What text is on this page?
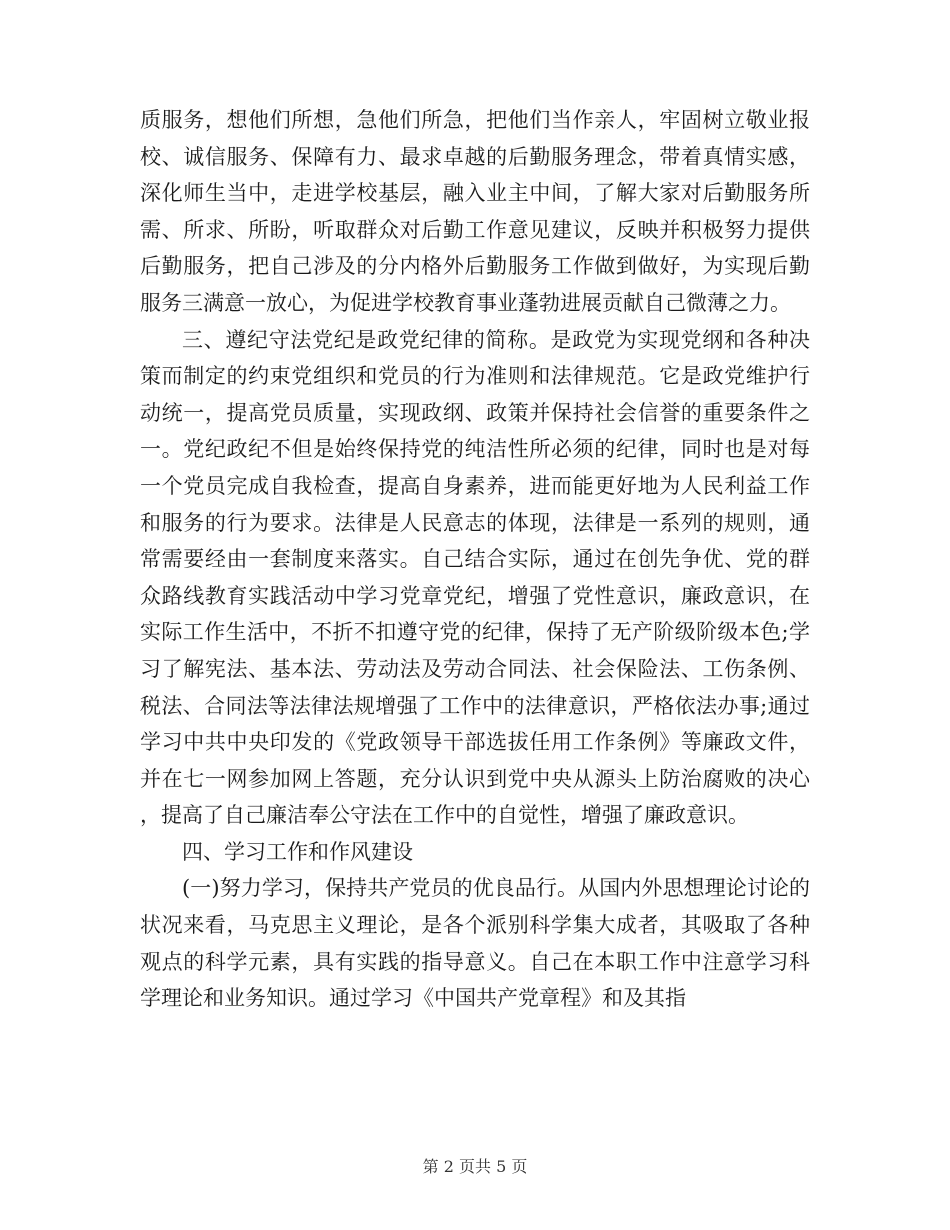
质服务，想他们所想，急他们所急，把他们当作亲人，牢固树立敬业报校、诚信服务、保障有力、最求卓越的后勤服务理念，带着真情实感，深化师生当中，走进学校基层，融入业主中间，了解大家对后勤服务所需、所求、所盼，听取群众对后勤工作意见建议，反映并积极努力提供后勤服务，把自己涉及的分内格外后勤服务工作做到做好，为实现后勤服务三满意一放心，为促进学校教育事业蓬勃进展贡献自己微薄之力。

三、遵纪守法党纪是政党纪律的简称。是政党为实现党纲和各种决策而制定的约束党组织和党员的行为准则和法律规范。它是政党维护行动统一，提高党员质量，实现政纲、政策并保持社会信誉的重要条件之一。党纪政纪不但是始终保持党的纯洁性所必须的纪律，同时也是对每一个党员完成自我检查，提高自身素养，进而能更好地为人民利益工作和服务的行为要求。法律是人民意志的体现，法律是一系列的规则，通常需要经由一套制度来落实。自己结合实际，通过在创先争优、党的群众路线教育实践活动中学习党章党纪，增强了党性意识，廉政意识，在实际工作生活中，不折不扣遵守党的纪律，保持了无产阶级阶级本色;学习了解宪法、基本法、劳动法及劳动合同法、社会保险法、工伤条例、税法、合同法等法律法规增强了工作中的法律意识，严格依法办事;通过学习中共中央印发的《党政领导干部选拔任用工作条例》等廉政文件，并在七一网参加网上答题，充分认识到党中央从源头上防治腐败的决心，提高了自己廉洁奉公守法在工作中的自觉性，增强了廉政意识。

四、学习工作和作风建设

(一)努力学习，保持共产党员的优良品行。从国内外思想理论讨论的状况来看，马克思主义理论，是各个派别科学集大成者，其吸取了各种观点的科学元素，具有实践的指导意义。自己在本职工作中注意学习科学理论和业务知识。通过学习《中国共产党章程》和及其指

第 2 页共 5 页
